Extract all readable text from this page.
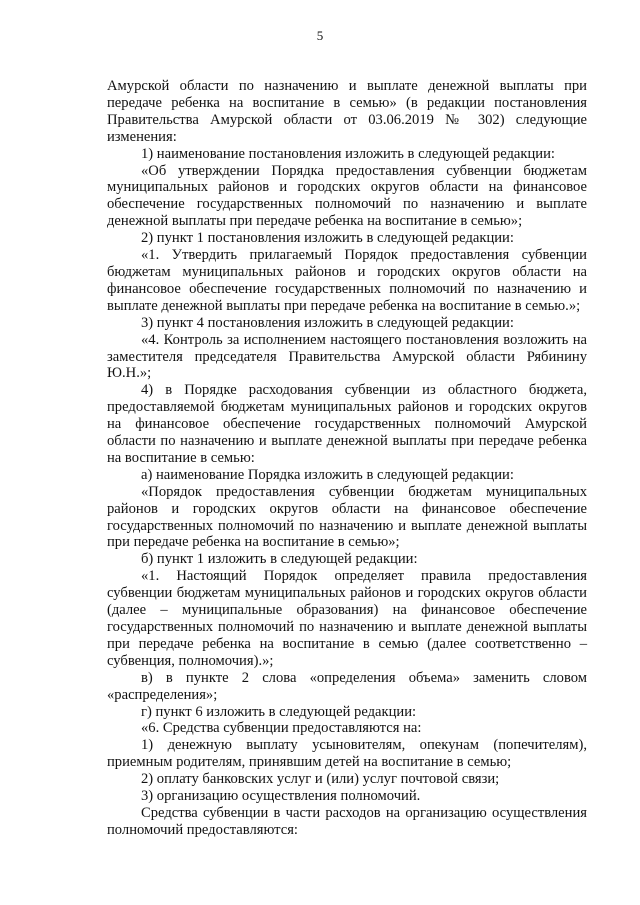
5

Амурской области по назначению и выплате денежной выплаты при передаче ребенка на воспитание в семью» (в редакции постановления Правительства Амурской области от 03.06.2019 № 302) следующие изменения:

1) наименование постановления изложить в следующей редакции:

«Об утверждении Порядка предоставления субвенции бюджетам муниципальных районов и городских округов области на финансовое обеспечение государственных полномочий по назначению и выплате денежной выплаты при передаче ребенка на воспитание в семью»;

2) пункт 1 постановления изложить в следующей редакции:

«1. Утвердить прилагаемый Порядок предоставления субвенции бюджетам муниципальных районов и городских округов области на финансовое обеспечение государственных полномочий по назначению и выплате денежной выплаты при передаче ребенка на воспитание в семью.»;

3) пункт 4 постановления изложить в следующей редакции:

«4. Контроль за исполнением настоящего постановления возложить на заместителя председателя Правительства Амурской области Рябинину Ю.Н.»;

4) в Порядке расходования субвенции из областного бюджета, предоставляемой бюджетам муниципальных районов и городских округов на финансовое обеспечение государственных полномочий Амурской области по назначению и выплате денежной выплаты при передаче ребенка на воспитание в семью:

а) наименование Порядка изложить в следующей редакции:

«Порядок предоставления субвенции бюджетам муниципальных районов и городских округов области на финансовое обеспечение государственных полномочий по назначению и выплате денежной выплаты при передаче ребенка на воспитание в семью»;

б) пункт 1 изложить в следующей редакции:

«1. Настоящий Порядок определяет правила предоставления субвенции бюджетам муниципальных районов и городских округов области (далее – муниципальные образования) на финансовое обеспечение государственных полномочий по назначению и выплате денежной выплаты при передаче ребенка на воспитание в семью (далее соответственно – субвенция, полномочия).»;

в) в пункте 2 слова «определения объема» заменить словом «распределения»;

г) пункт 6 изложить в следующей редакции:

«6. Средства субвенции предоставляются на:

1) денежную выплату усыновителям, опекунам (попечителям), приемным родителям, принявшим детей на воспитание в семью;

2) оплату банковских услуг и (или) услуг почтовой связи;

3) организацию осуществления полномочий.

Средства субвенции в части расходов на организацию осуществления полномочий предоставляются:
